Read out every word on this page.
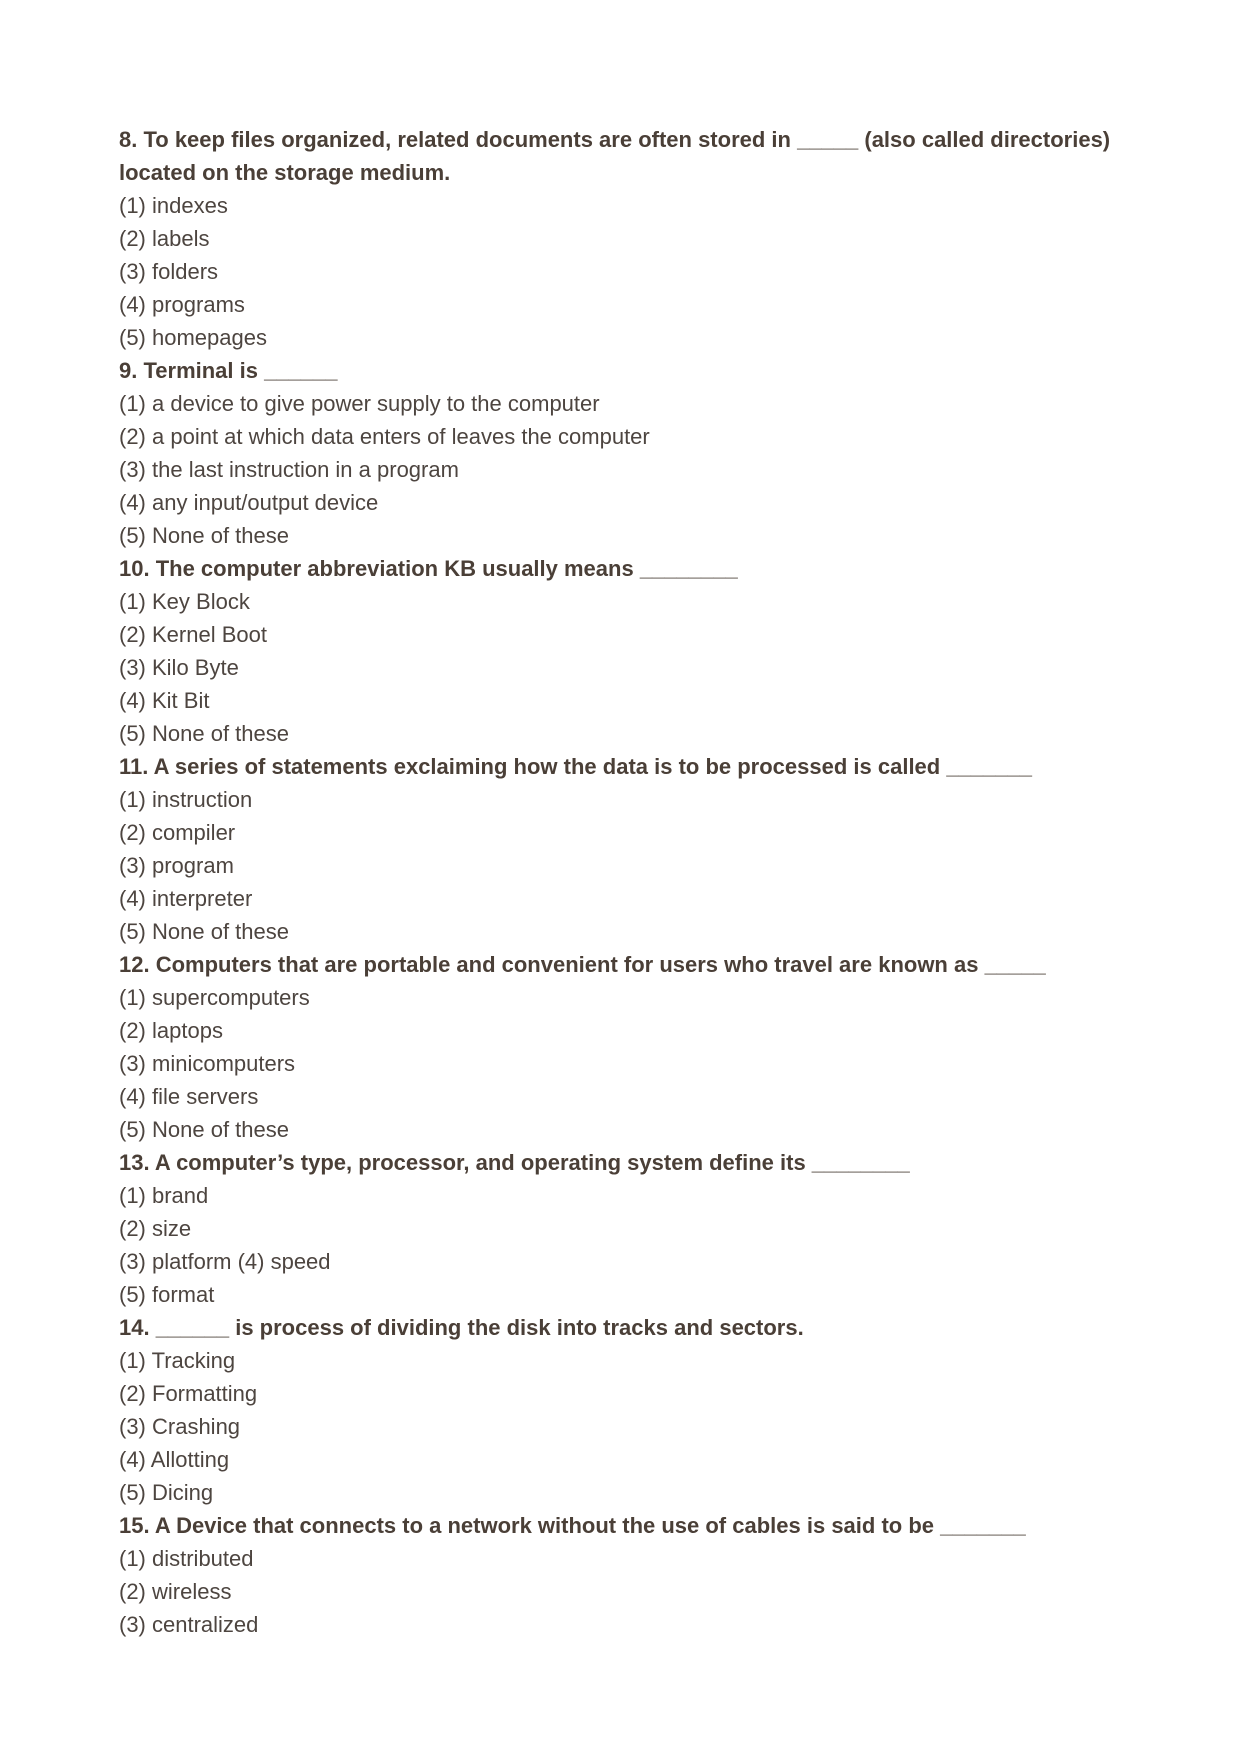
8. To keep files organized, related documents are often stored in _____ (also called directories) located on the storage medium.
(1) indexes
(2) labels
(3) folders
(4) programs
(5) homepages
9. Terminal is ______
(1) a device to give power supply to the computer
(2) a point at which data enters of leaves the computer
(3) the last instruction in a program
(4) any input/output device
(5) None of these
10. The computer abbreviation KB usually means ________
(1) Key Block
(2) Kernel Boot
(3) Kilo Byte
(4) Kit Bit
(5) None of these
11. A series of statements exclaiming how the data is to be processed is called _______
(1) instruction
(2) compiler
(3) program
(4) interpreter
(5) None of these
12. Computers that are portable and convenient for users who travel are known as _____
(1) supercomputers
(2) laptops
(3) minicomputers
(4) file servers
(5) None of these
13. A computer’s type, processor, and operating system define its ________
(1) brand
(2) size
(3) platform (4) speed
(5) format
14. ______ is process of dividing the disk into tracks and sectors.
(1) Tracking
(2) Formatting
(3) Crashing
(4) Allotting
(5) Dicing
15. A Device that connects to a network without the use of cables is said to be _______
(1) distributed
(2) wireless
(3) centralized
